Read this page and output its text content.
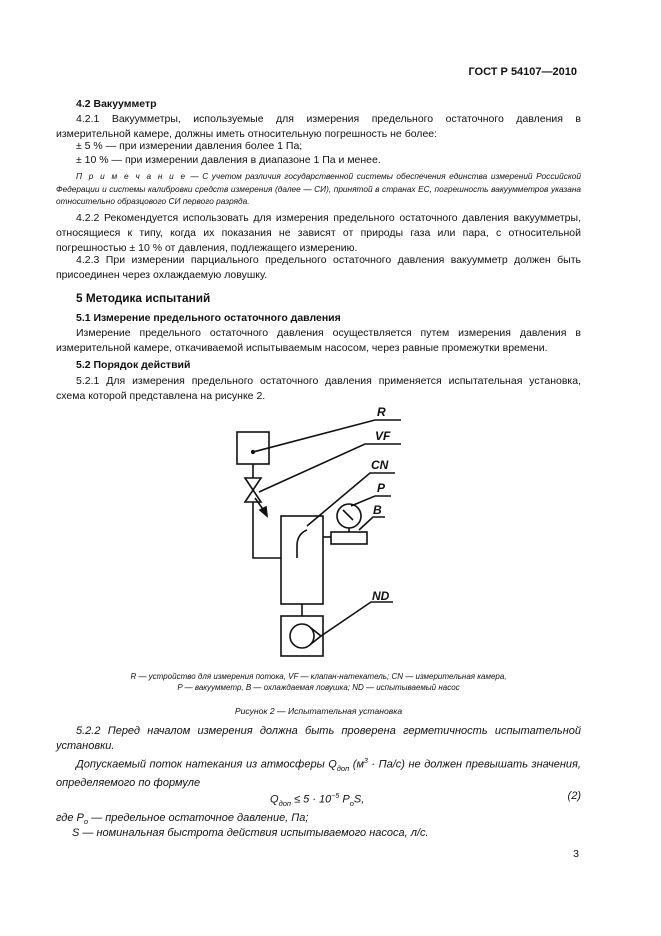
ГОСТ Р 54107—2010
4.2 Вакуумметр
4.2.1 Вакуумметры, используемые для измерения предельного остаточного давления в измерительной камере, должны иметь относительную погрешность не более:
± 5 % — при измерении давления более 1 Па;
± 10 % — при измерении давления в диапазоне 1 Па и менее.
П р и м е ч а н и е — С учетом различия государственной системы обеспечения единства измерений Российской Федерации и системы калибровки средств измерения (далее — СИ), принятой в странах ЕС, погрешность вакуумметров указана относительно образцового СИ первого разряда.
4.2.2 Рекомендуется использовать для измерения предельного остаточного давления вакуумметры, относящиеся к типу, когда их показания не зависят от природы газа или пара, с относительной погрешностью ± 10 % от давления, подлежащего измерению.
4.2.3 При измерении парциального предельного остаточного давления вакуумметр должен быть присоединен через охлаждаемую ловушку.
5 Методика испытаний
5.1 Измерение предельного остаточного давления
Измерение предельного остаточного давления осуществляется путем измерения давления в измерительной камере, откачиваемой испытываемым насосом, через равные промежутки времени.
5.2 Порядок действий
5.2.1 Для измерения предельного остаточного давления применяется испытательная установка, схема которой представлена на рисунке 2.
R
VF
CN
P
B
ND
R — устройство для измерения потока, VF — клапан-натекатель; CN — измерительная камера,
P — вакуумметр, B — охлаждаемая ловушка; ND — испытываемый насос
Рисунок 2 — Испытательная установка
5.2.2 Перед началом измерения должна быть проверена герметичность испытательной установки.
Допускаемый поток натекания из атмосферы $Q_{доп}$ $(м^3 \cdot Па/с)$ не должен превышать значения, определяемого по формуле
$Q_{доп} \le 5 \cdot 10^{-5}$ $P_оS$,	(2)
где $P_о$ — предельное остаточное давление, Па;
S — номинальная быстрота действия испытываемого насоса, л/с.
3
